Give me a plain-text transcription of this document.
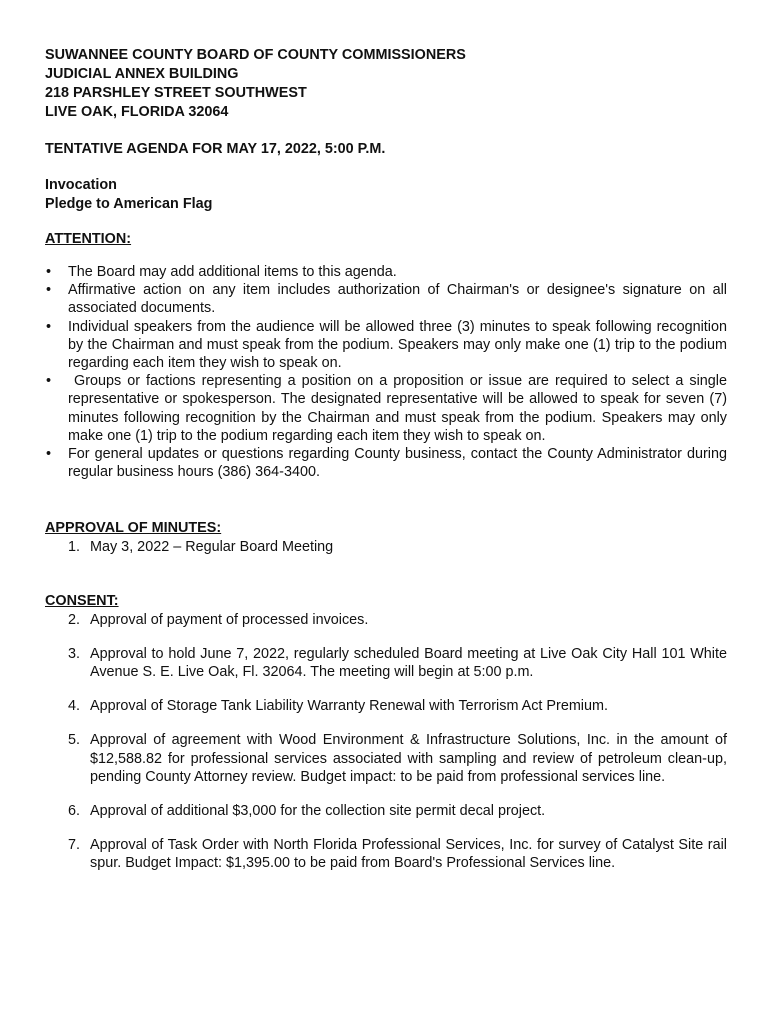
SUWANNEE COUNTY BOARD OF COUNTY COMMISSIONERS
JUDICIAL ANNEX BUILDING
218 PARSHLEY STREET SOUTHWEST
LIVE OAK, FLORIDA 32064
TENTATIVE AGENDA FOR MAY 17, 2022, 5:00 P.M.
Invocation
Pledge to American Flag
ATTENTION:
• The Board may add additional items to this agenda.
• Affirmative action on any item includes authorization of Chairman's or designee's signature on all associated documents.
• Individual speakers from the audience will be allowed three (3) minutes to speak following recognition by the Chairman and must speak from the podium. Speakers may only make one (1) trip to the podium regarding each item they wish to speak on.
• Groups or factions representing a position on a proposition or issue are required to select a single representative or spokesperson. The designated representative will be allowed to speak for seven (7) minutes following recognition by the Chairman and must speak from the podium. Speakers may only make one (1) trip to the podium regarding each item they wish to speak on.
• For general updates or questions regarding County business, contact the County Administrator during regular business hours (386) 364-3400.
APPROVAL OF MINUTES:
1. May 3, 2022 – Regular Board Meeting
CONSENT:
2. Approval of payment of processed invoices.
3. Approval to hold June 7, 2022, regularly scheduled Board meeting at Live Oak City Hall 101 White Avenue S. E. Live Oak, Fl. 32064. The meeting will begin at 5:00 p.m.
4. Approval of Storage Tank Liability Warranty Renewal with Terrorism Act Premium.
5. Approval of agreement with Wood Environment & Infrastructure Solutions, Inc. in the amount of $12,588.82 for professional services associated with sampling and review of petroleum clean-up, pending County Attorney review. Budget impact: to be paid from professional services line.
6. Approval of additional $3,000 for the collection site permit decal project.
7. Approval of Task Order with North Florida Professional Services, Inc. for survey of Catalyst Site rail spur. Budget Impact: $1,395.00 to be paid from Board's Professional Services line.
